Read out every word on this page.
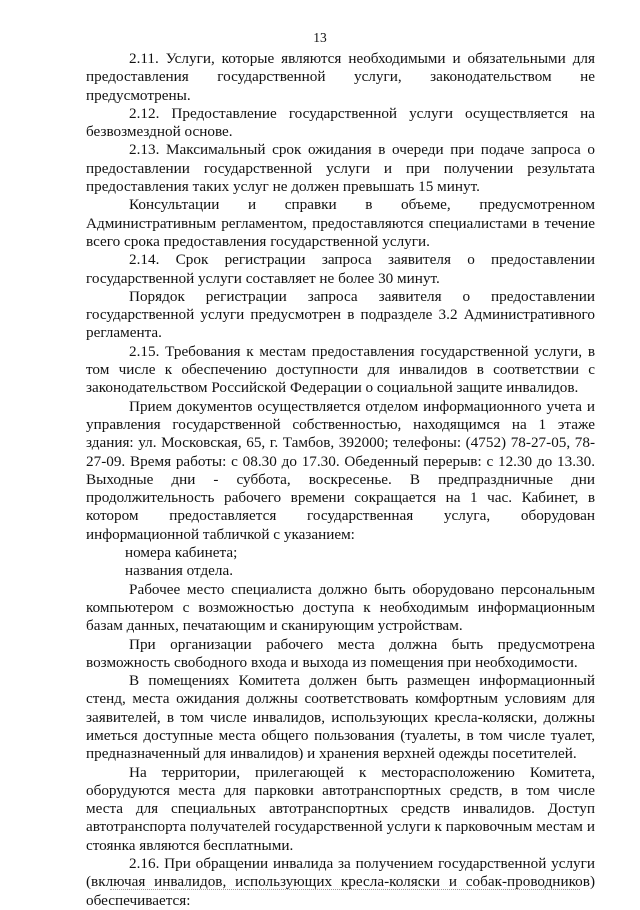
13

2.11. Услуги, которые являются необходимыми и обязательными для предоставления государственной услуги, законодательством не предусмотрены.

2.12. Предоставление государственной услуги осуществляется на безвозмездной основе.

2.13. Максимальный срок ожидания в очереди при подаче запроса о предоставлении государственной услуги и при получении результата предоставления таких услуг не должен превышать 15 минут.

Консультации и справки в объеме, предусмотренном Административным регламентом, предоставляются специалистами в течение всего срока предоставления государственной услуги.

2.14. Срок регистрации запроса заявителя о предоставлении государственной услуги составляет не более 30 минут.

Порядок регистрации запроса заявителя о предоставлении государственной услуги предусмотрен в подразделе 3.2 Административного регламента.

2.15. Требования к местам предоставления государственной услуги, в том числе к обеспечению доступности для инвалидов в соответствии с законодательством Российской Федерации о социальной защите инвалидов.

Прием документов осуществляется отделом информационного учета и управления государственной собственностью, находящимся на 1 этаже здания: ул. Московская, 65, г. Тамбов, 392000; телефоны: (4752) 78-27-05, 78-27-09. Время работы: с 08.30 до 17.30. Обеденный перерыв: с 12.30 до 13.30. Выходные дни - суббота, воскресенье. В предпраздничные дни продолжительность рабочего времени сокращается на 1 час. Кабинет, в котором предоставляется государственная услуга, оборудован информационной табличкой с указанием:

номера кабинета;

названия отдела.

Рабочее место специалиста должно быть оборудовано персональным компьютером с возможностью доступа к необходимым информационным базам данных, печатающим и сканирующим устройствам.

При организации рабочего места должна быть предусмотрена возможность свободного входа и выхода из помещения при необходимости.

В помещениях Комитета должен быть размещен информационный стенд, места ожидания должны соответствовать комфортным условиям для заявителей, в том числе инвалидов, использующих кресла-коляски, должны иметься доступные места общего пользования (туалеты, в том числе туалет, предназначенный для инвалидов) и хранения верхней одежды посетителей.

На территории, прилегающей к месторасположению Комитета, оборудуются места для парковки автотранспортных средств, в том числе места для специальных автотранспортных средств инвалидов. Доступ автотранспорта получателей государственной услуги к парковочным местам и стоянка являются бесплатными.

2.16. При обращении инвалида за получением государственной услуги (включая инвалидов, использующих кресла-коляски и собак-проводников) обеспечивается:
